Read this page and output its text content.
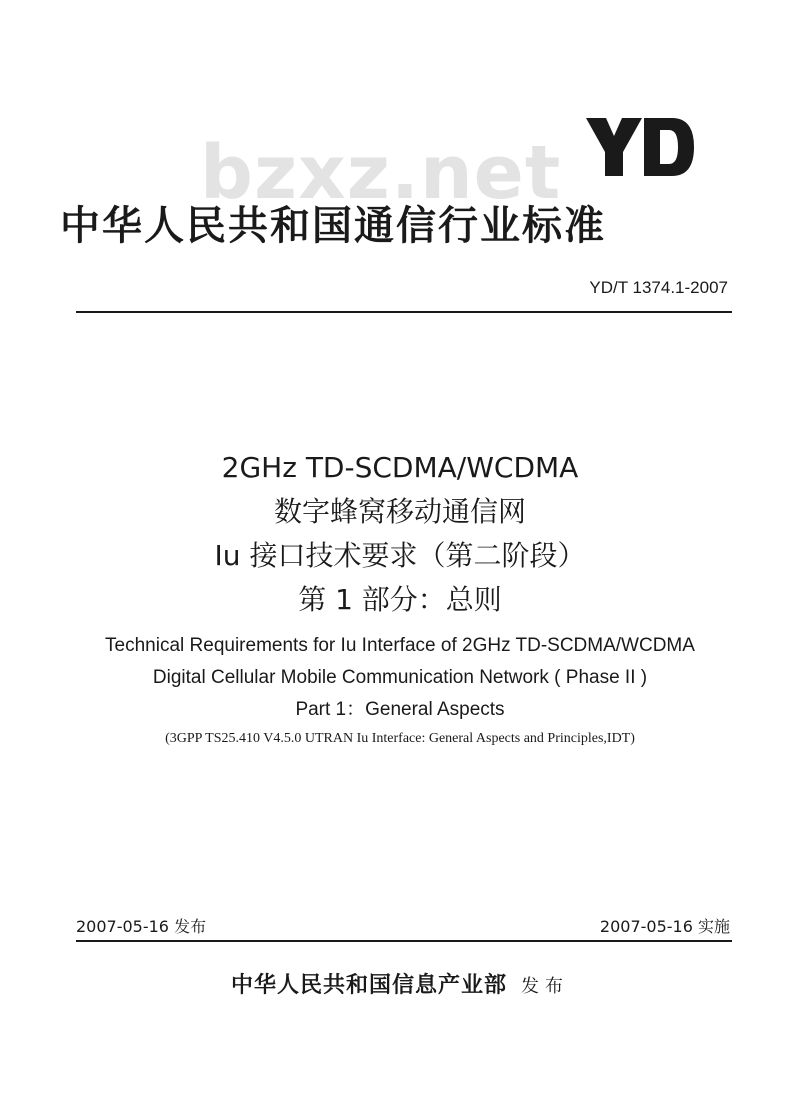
bzxz.net
中华人民共和国通信行业标准
YD/T 1374.1-2007
2GHz TD-SCDMA/WCDMA
数字蜂窝移动通信网
Iu 接口技术要求（第二阶段）
第 1 部分：总则
Technical Requirements for Iu Interface of 2GHz TD-SCDMA/WCDMA
Digital Cellular Mobile Communication Network ( Phase II )
Part 1：General Aspects
(3GPP TS25.410 V4.5.0 UTRAN Iu Interface: General Aspects and Principles,IDT)
2007-05-16 发布	2007-05-16 实施
中华人民共和国信息产业部 发布
